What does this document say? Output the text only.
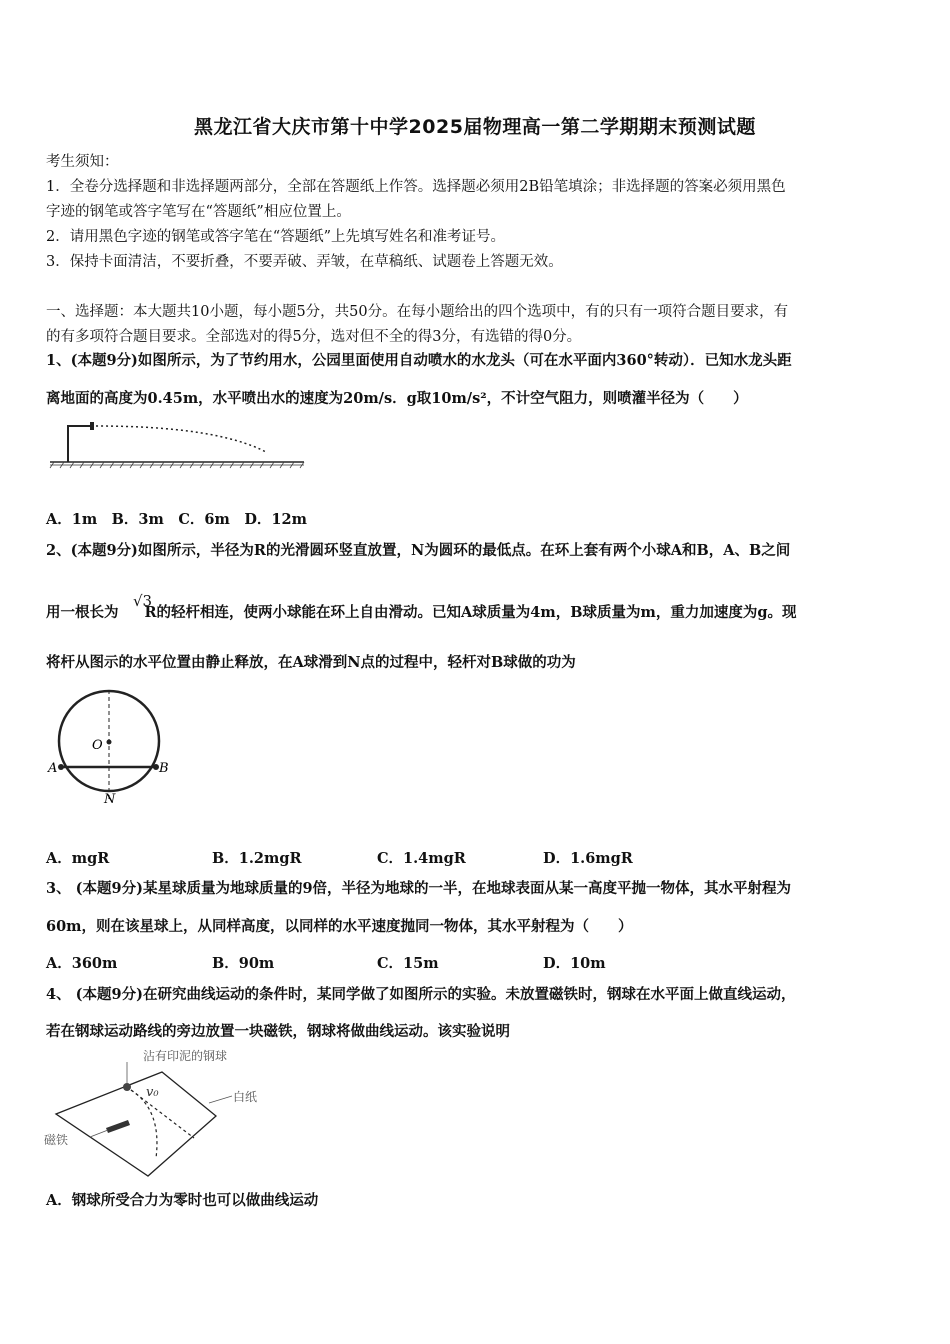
黑龙江省大庆市第十中学2025届物理高一第二学期期末预测试题
考生须知：
1．全卷分选择题和非选择题两部分，全部在答题纸上作答。选择题必须用2B铅笔填涂；非选择题的答案必须用黑色
字迹的钢笔或答字笔写在“答题纸”相应位置上。
2．请用黑色字迹的钢笔或答字笔在“答题纸”上先填写姓名和准考证号。
3．保持卡面清洁，不要折叠，不要弄破、弄皱，在草稿纸、试题卷上答题无效。
一、选择题：本大题共10小题，每小题5分，共50分。在每小题给出的四个选项中，有的只有一项符合题目要求，有
的有多项符合题目要求。全部选对的得5分，选对但不全的得3分，有选错的得0分。
1、(本题9分)如图所示，为了节约用水，公园里面使用自动喷水的水龙头（可在水平面内360°转动）．已知水龙头距
离地面的高度为0.45m，水平喷出水的速度为20m/s．g取10m/s²，不计空气阻力，则喷灌半径为（　　）
A．1m　B．3m　C．6m　D．12m
2、(本题9分)如图所示，半径为R的光滑圆环竖直放置，N为圆环的最低点。在环上套有两个小球A和B，A、B之间
用一根长为 R的轻杆相连，使两小球能在环上自由滑动。已知A球质量为4m，B球质量为m，重力加速度为g。现
√3
将杆从图示的水平位置由静止释放，在A球滑到N点的过程中，轻杆对B球做的功为
O
A	B
N
A．mgR	B．1.2mgR	C．1.4mgR	D．1.6mgR
3、 (本题9分)某星球质量为地球质量的9倍，半径为地球的一半，在地球表面从某一高度平抛一物体，其水平射程为
60m，则在该星球上，从同样高度，以同样的水平速度抛同一物体，其水平射程为（　　）
A．360m	B．90m	C．15m	D．10m
4、 (本题9分)在研究曲线运动的条件时，某同学做了如图所示的实验。未放置磁铁时，钢球在水平面上做直线运动，
若在钢球运动路线的旁边放置一块磁铁，钢球将做曲线运动。该实验说明
沾有印泥的钢球
v₀	白纸
磁铁
A．钢球所受合力为零时也可以做曲线运动
